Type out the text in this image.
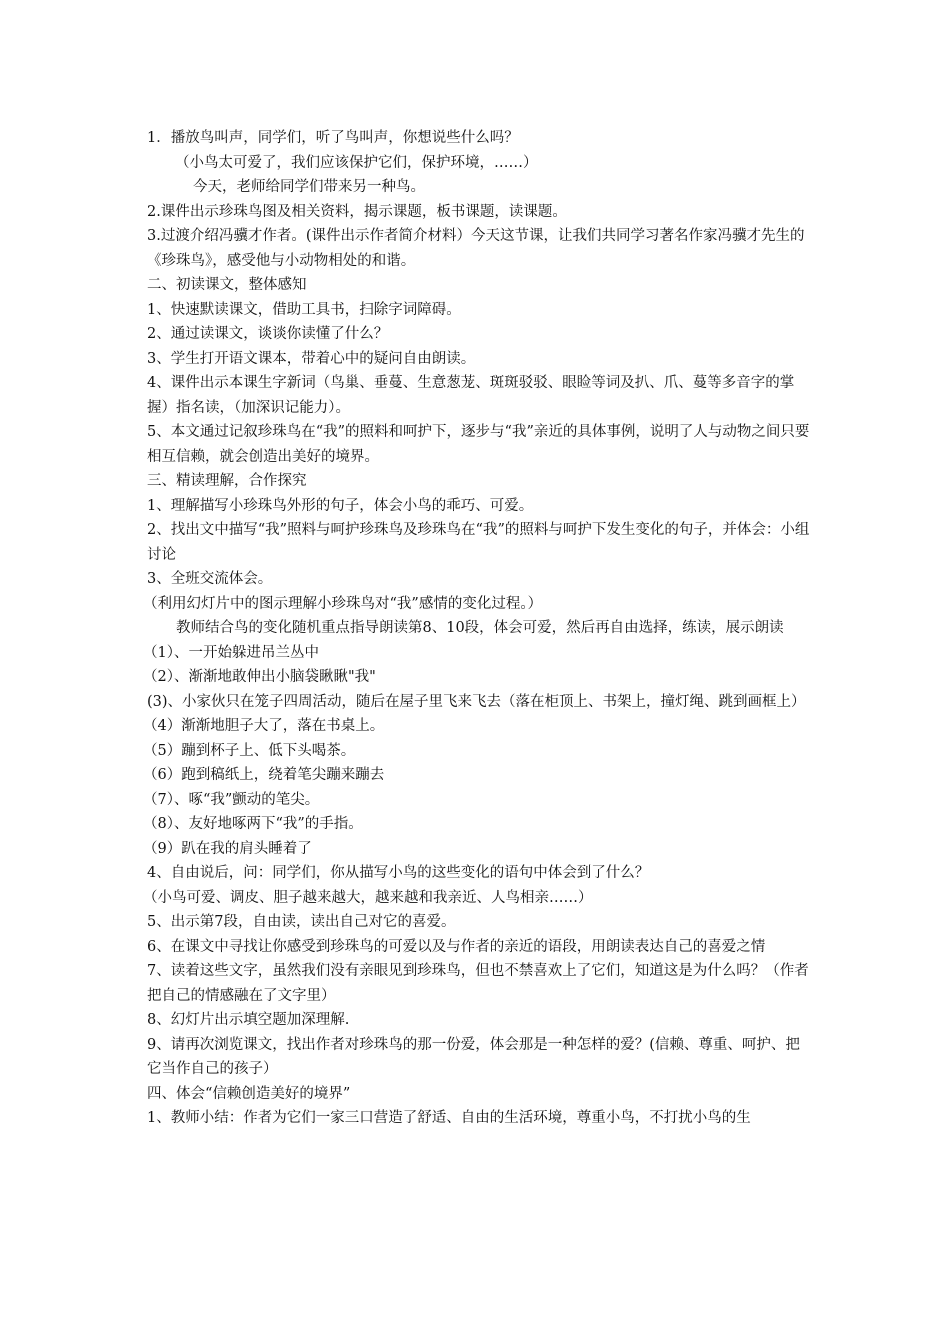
1．播放鸟叫声，同学们，听了鸟叫声，你想说些什么吗？

（小鸟太可爱了，我们应该保护它们，保护环境，……）

今天，老师给同学们带来另一种鸟。

2.课件出示珍珠鸟图及相关资料，揭示课题，板书课题，读课题。

3.过渡介绍冯骥才作者。(课件出示作者简介材料）今天这节课，让我们共同学习著名作家冯骥才先生的《珍珠鸟》，感受他与小动物相处的和谐。

二、初读课文，整体感知

1、快速默读课文，借助工具书，扫除字词障碍。

2、通过读课文，谈谈你读懂了什么？

3、学生打开语文课本，带着心中的疑问自由朗读。

4、课件出示本课生字新词（鸟巢、垂蔓、生意葱茏、斑斑驳驳、眼睑等词及扒、爪、蔓等多音字的掌握）指名读，（加深识记能力）。

5、本文通过记叙珍珠鸟在“我”的照料和呵护下，逐步与“我”亲近的具体事例，说明了人与动物之间只要相互信赖，就会创造出美好的境界。

三、精读理解，合作探究

1、理解描写小珍珠鸟外形的句子，体会小鸟的乖巧、可爱。

2、找出文中描写“我”照料与呵护珍珠鸟及珍珠鸟在“我”的照料与呵护下发生变化的句子，并体会：小组讨论

3、全班交流体会。

（利用幻灯片中的图示理解小珍珠鸟对“我”感情的变化过程。）

教师结合鸟的变化随机重点指导朗读第8、10段，体会可爱，然后再自由选择，练读，展示朗读

（1）、一开始躲进吊兰丛中

（2）、渐渐地敢伸出小脑袋瞅瞅"我"

(3)、小家伙只在笼子四周活动，随后在屋子里飞来飞去（落在柜顶上、书架上，撞灯绳、跳到画框上）

（4）渐渐地胆子大了，落在书桌上。

（5）蹦到杯子上、低下头喝茶。

（6）跑到稿纸上，绕着笔尖蹦来蹦去

（7）、啄“我”颤动的笔尖。

（8）、友好地啄两下“我”的手指。

（9）趴在我的肩头睡着了

4、自由说后，问：同学们，你从描写小鸟的这些变化的语句中体会到了什么？

（小鸟可爱、调皮、胆子越来越大，越来越和我亲近、人鸟相亲……）

5、出示第7段，自由读，读出自己对它的喜爱。

6、在课文中寻找让你感受到珍珠鸟的可爱以及与作者的亲近的语段，用朗读表达自己的喜爱之情

7、读着这些文字，虽然我们没有亲眼见到珍珠鸟，但也不禁喜欢上了它们，知道这是为什么吗？（作者把自己的情感融在了文字里）

8、幻灯片出示填空题加深理解.

9、请再次浏览课文，找出作者对珍珠鸟的那一份爱，体会那是一种怎样的爱？(信赖、尊重、呵护、把它当作自己的孩子）

四、体会“信赖创造美好的境界”

1、教师小结：作者为它们一家三口营造了舒适、自由的生活环境，尊重小鸟，不打扰小鸟的生
